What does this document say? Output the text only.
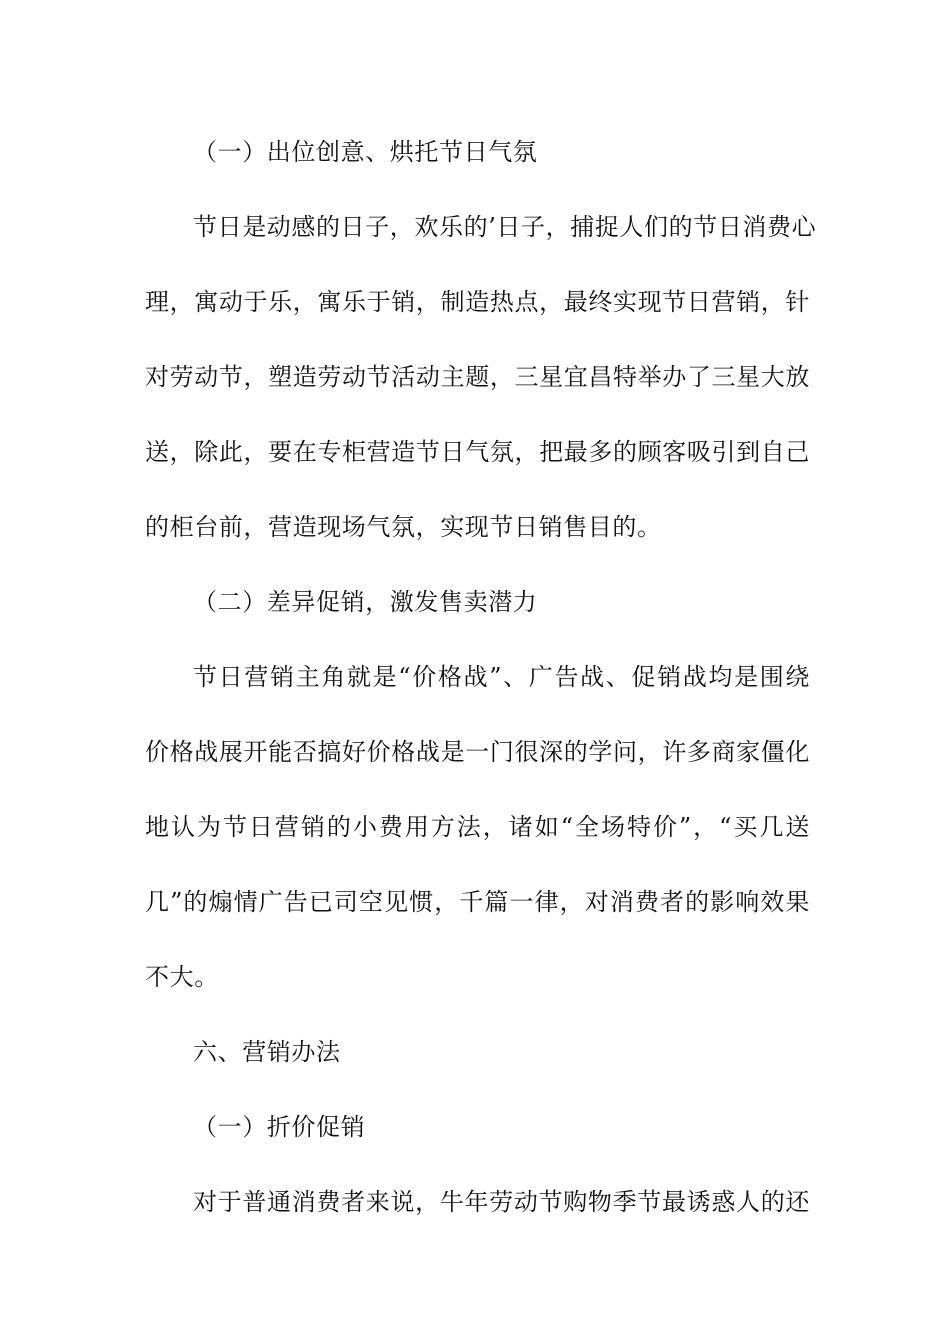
（一）出位创意、烘托节日气氛
节日是动感的日子，欢乐的’日子，捕捉人们的节日消费心
理，寓动于乐，寓乐于销，制造热点，最终实现节日营销，针
对劳动节，塑造劳动节活动主题，三星宜昌特举办了三星大放
送，除此，要在专柜营造节日气氛，把最多的顾客吸引到自己
的柜台前，营造现场气氛，实现节日销售目的。
（二）差异促销，激发售卖潜力
节日营销主角就是“价格战”、广告战、促销战均是围绕
价格战展开能否搞好价格战是一门很深的学问，许多商家僵化
地认为节日营销的小费用方法，诸如“全场特价”，“买几送
几”的煽情广告已司空见惯，千篇一律，对消费者的影响效果
不大。
六、营销办法
（一）折价促销
对于普通消费者来说，牛年劳动节购物季节最诱惑人的还
